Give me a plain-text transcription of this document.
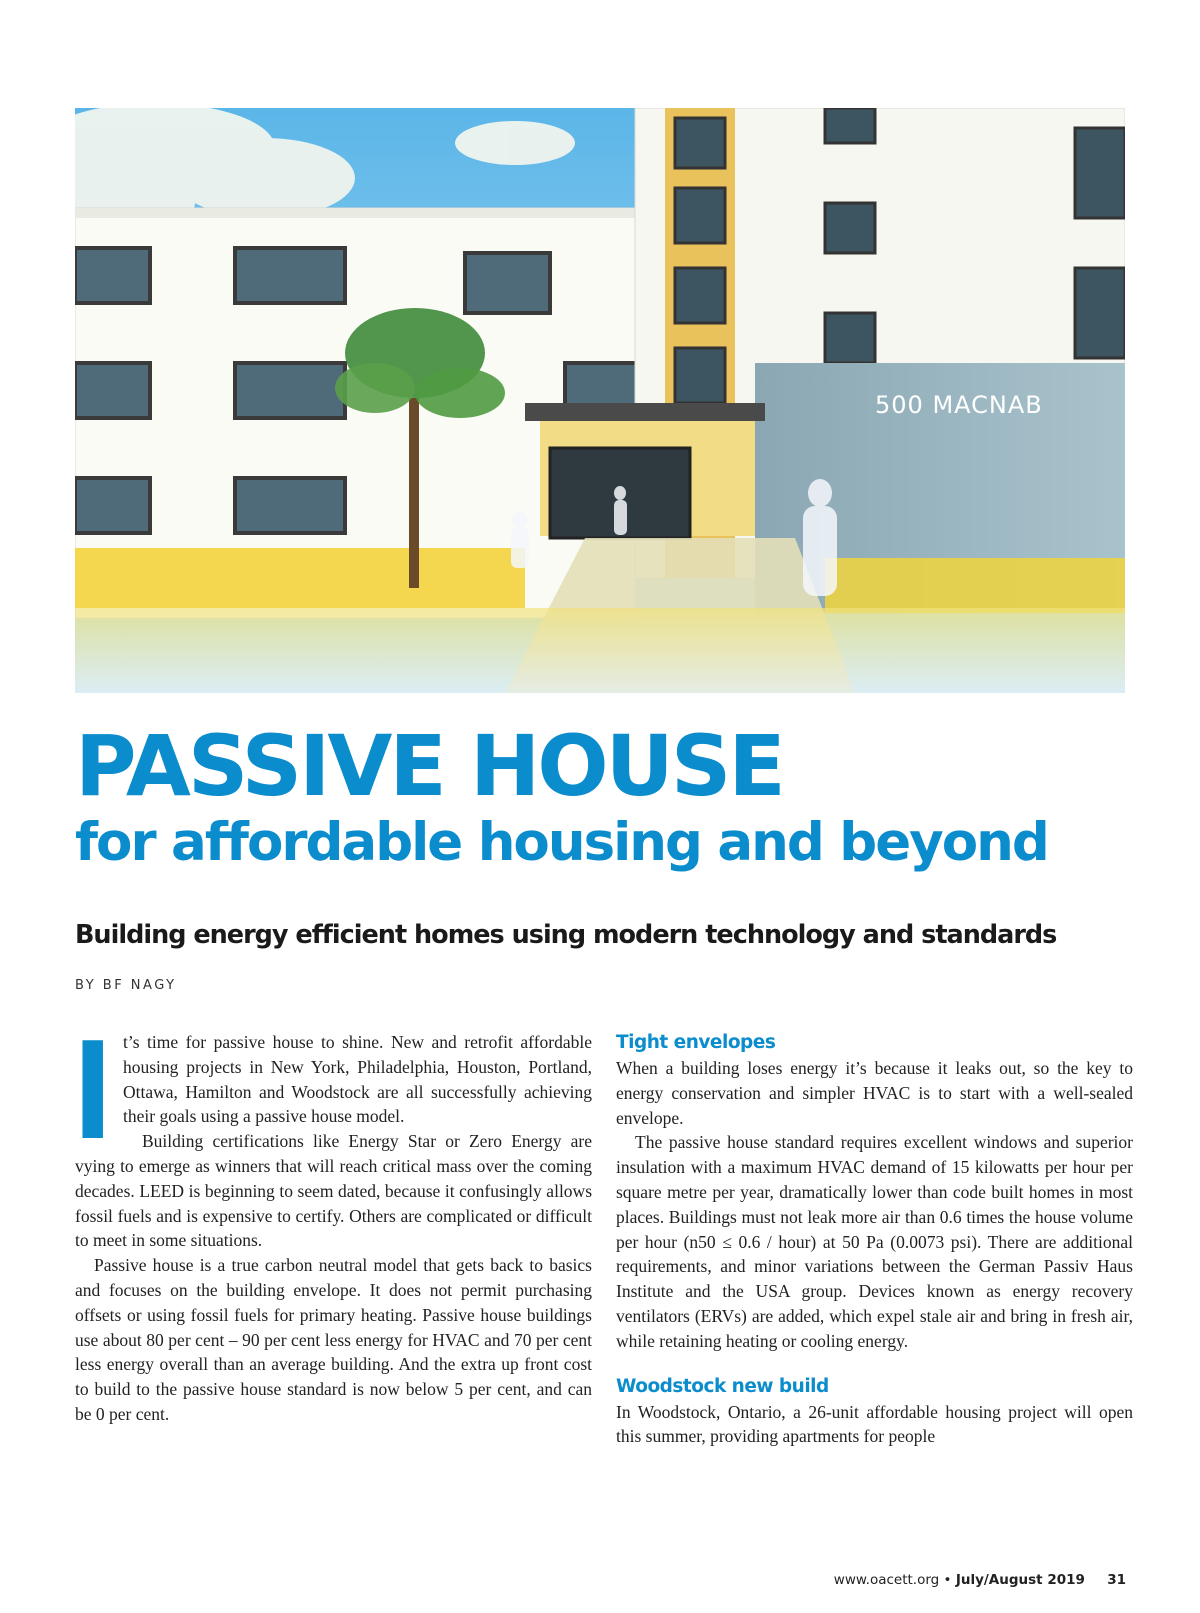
500 MACNAB
PASSIVE HOUSE
for affordable housing and beyond
Building energy efficient homes using modern technology and standards
BY BF NAGY

It’s time for passive house to shine. New and retrofit affordable housing projects in New York, Philadelphia, Houston, Portland, Ottawa, Hamilton and Woodstock are all successfully achieving their goals using a passive house model.

Building certifications like Energy Star or Zero Energy are vying to emerge as winners that will reach critical mass over the coming decades. LEED is beginning to seem dated, because it confusingly allows fossil fuels and is expensive to certify. Others are complicated or difficult to meet in some situations.

Passive house is a true carbon neutral model that gets back to basics and focuses on the building envelope. It does not permit purchasing offsets or using fossil fuels for primary heating. Passive house buildings use about 80 per cent – 90 per cent less energy for HVAC and 70 per cent less energy overall than an average building. And the extra up front cost to build to the passive house standard is now below 5 per cent, and can be 0 per cent.

Tight envelopes

When a building loses energy it’s because it leaks out, so the key to energy conservation and simpler HVAC is to start with a well-sealed envelope.

The passive house standard requires excellent windows and superior insulation with a maximum HVAC demand of 15 kilowatts per hour per square metre per year, dramatically lower than code built homes in most places. Buildings must not leak more air than 0.6 times the house volume per hour (n50 ≤ 0.6 / hour) at 50 Pa (0.0073 psi). There are additional requirements, and minor variations between the German Passiv Haus Institute and the USA group. Devices known as energy recovery ventilators (ERVs) are added, which expel stale air and bring in fresh air, while retaining heating or cooling energy.

Woodstock new build

In Woodstock, Ontario, a 26-unit affordable housing project will open this summer, providing apartments for people

www.oacett.org • July/August 2019 31
